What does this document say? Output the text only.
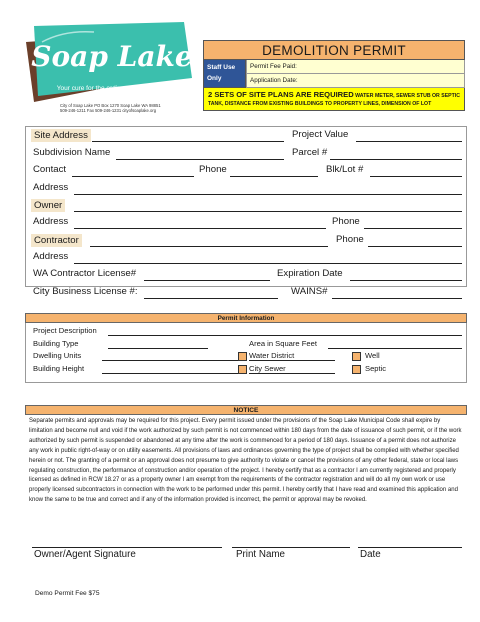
Soap Lake
Your cure for the ordinary.
City of Soap Lake PO Box 1270 Soap Lake WA 98851
509-246-1211 Fax 509-246-1231 cityofsoaplake.org
DEMOLITION PERMIT
Staff Use
Only
Permit Fee Paid:
Application Date:
2 SETS OF SITE PLANS ARE REQUIRED WATER METER, SEWER STUB OR SEPTIC TANK, DISTANCE FROM EXISTING BUILDINGS TO PROPERTY LINES, DIMENSION OF LOT
Site Address	Project Value
Subdivision Name	Parcel #
Contact	Phone	Blk/Lot #
Address
Owner
Address	Phone
Contractor	Phone
Address
WA Contractor License#	Expiration Date
City Business License #:	WAINS#
Permit Information
Project Description
Building Type	Area in Square Feet
Dwelling Units	Water District	Well
Building Height	City Sewer	Septic
NOTICE
Separate permits and approvals may be required for this project. Every permit issued under the provisions of the Soap Lake Municipal Code shall expire by limitation and become null and void if the work authorized by such permit is not commenced within 180 days from the date of issuance of such permit, or if the work authorized by such permit is suspended or abandoned at any time after the work is commenced for a period of 180 days. Issuance of a permit does not authorize any work in public right-of-way or on utility easements. All provisions of laws and ordinances governing the type of project shall be complied with whether specified herein or not. The granting of a permit or an approval does not presume to give authority to violate or cancel the provisions of any other federal, state or local laws regulating construction, the performance of construction and/or operation of the project. I hereby certify that as a contractor I am currently registered and properly licensed as defined in RCW 18.27 or as a property owner I am exempt from the requirements of the contractor registration and will do all my own work or use properly licensed subcontractors in connection with the work to be performed under this permit. I hereby certify that I have read and examined this application and know the same to be true and correct and if any of the information provided is incorrect, the permit or approval may be revoked.
Owner/Agent Signature	Print Name	Date
Demo Permit Fee $75
